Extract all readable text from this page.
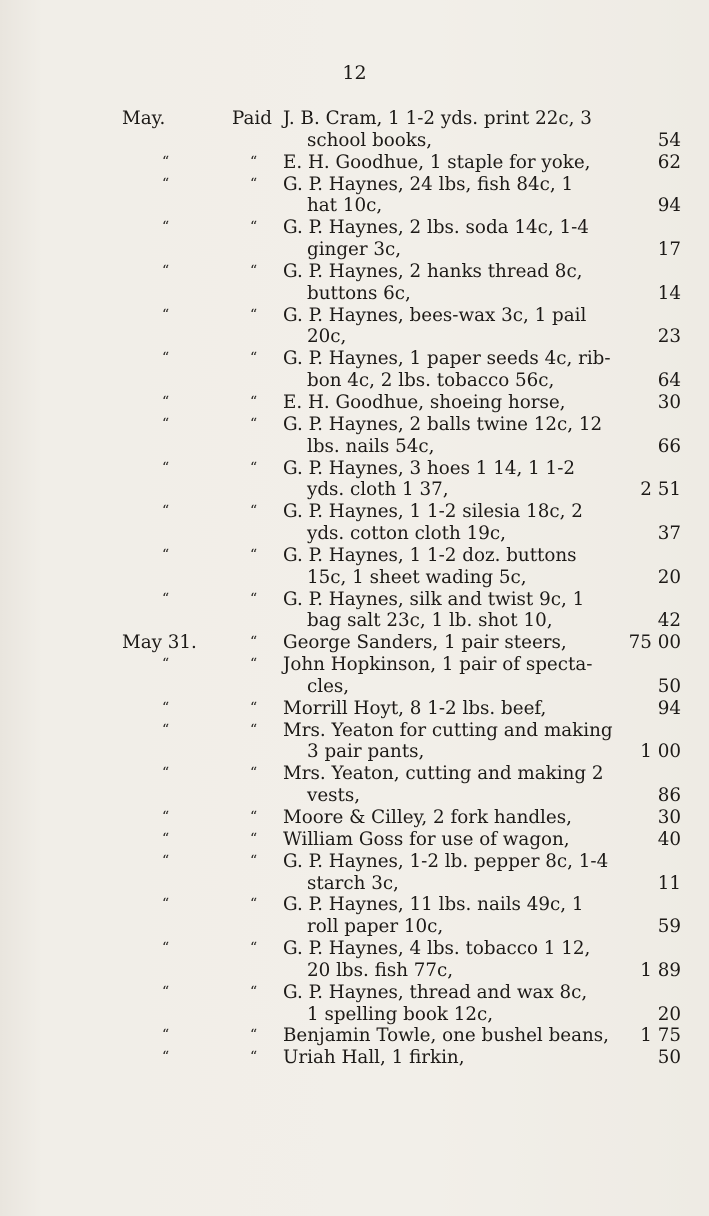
12
May.	Paid J. B. Cram, 1 1-2 yds. print 22c, 3
school books,	54
“	“ E. H. Goodhue, 1 staple for yoke,	62
“	“ G. P. Haynes, 24 lbs, fish 84c, 1
hat 10c,	94
“	“ G. P. Haynes, 2 lbs. soda 14c, 1-4
ginger 3c,	17
“	“ G. P. Haynes, 2 hanks thread 8c,
buttons 6c,	14
“	“ G. P. Haynes, bees-wax 3c, 1 pail
20c,	23
“	“ G. P. Haynes, 1 paper seeds 4c, rib-
bon 4c, 2 lbs. tobacco 56c,	64
“	“ E. H. Goodhue, shoeing horse,	30
“	“ G. P. Haynes, 2 balls twine 12c, 12
lbs. nails 54c,	66
“	“ G. P. Haynes, 3 hoes 1 14, 1 1-2
yds. cloth 1 37,	2 51
“	“ G. P. Haynes, 1 1-2 silesia 18c, 2
yds. cotton cloth 19c,	37
“	“ G. P. Haynes, 1 1-2 doz. buttons
15c, 1 sheet wading 5c,	20
“	“ G. P. Haynes, silk and twist 9c, 1
bag salt 23c, 1 lb. shot 10,	42
May 31.	“ George Sanders, 1 pair steers,	75 00
“	“ John Hopkinson, 1 pair of specta-
cles,	50
“	“ Morrill Hoyt, 8 1-2 lbs. beef,	94
“	“ Mrs. Yeaton for cutting and making
3 pair pants,	1 00
“	“ Mrs. Yeaton, cutting and making 2
vests,	86
“	“ Moore & Cilley, 2 fork handles,	30
“	“ William Goss for use of wagon,	40
“	“ G. P. Haynes, 1-2 lb. pepper 8c, 1-4
starch 3c,	11
“	“ G. P. Haynes, 11 lbs. nails 49c, 1
roll paper 10c,	59
“	“ G. P. Haynes, 4 lbs. tobacco 1 12,
20 lbs. fish 77c,	1 89
“	“ G. P. Haynes, thread and wax 8c,
1 spelling book 12c,	20
“	“ Benjamin Towle, one bushel beans, 1 75
“	“ Uriah Hall, 1 firkin,	50
